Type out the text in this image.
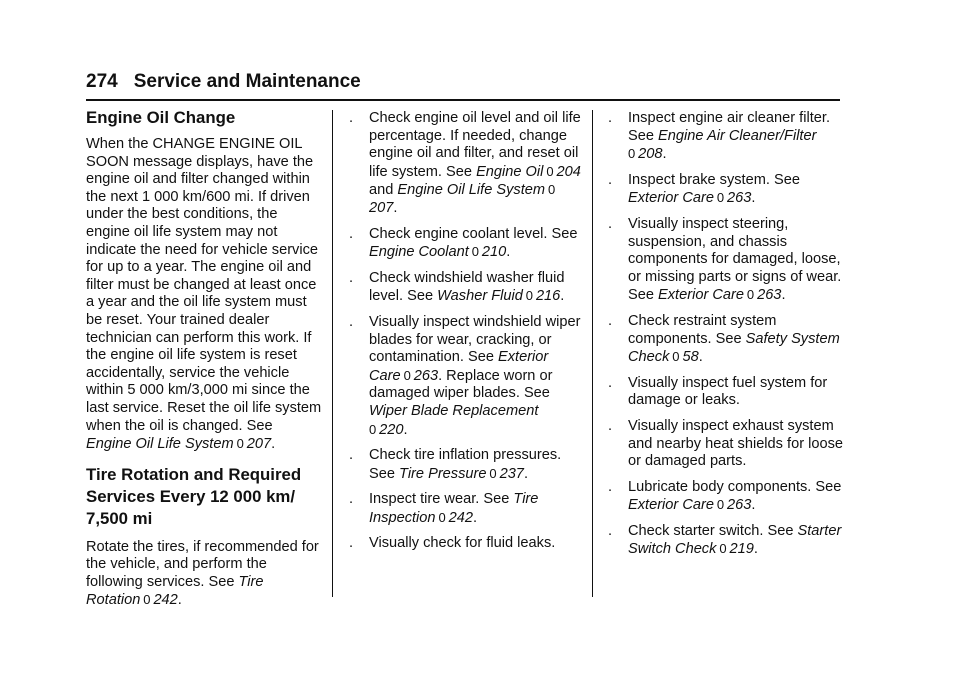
274 Service and Maintenance
Engine Oil Change

When the CHANGE ENGINE OIL SOON message displays, have the engine oil and filter changed within the next 1 000 km/600 mi. If driven under the best conditions, the engine oil life system may not indicate the need for vehicle service for up to a year. The engine oil and filter must be changed at least once a year and the oil life system must be reset. Your trained dealer technician can perform this work. If the engine oil life system is reset accidentally, service the vehicle within 5 000 km/3,000 mi since the last service. Reset the oil life system when the oil is changed. See Engine Oil Life System  0  207.

Tire Rotation and Required Services Every 12 000 km/ 7,500 mi

Rotate the tires, if recommended for the vehicle, and perform the following services. See Tire Rotation  0  242.

. Check engine oil level and oil life percentage. If needed, change engine oil and filter, and reset oil life system. See Engine Oil  0  204 and Engine Oil Life System  0 207.
. Check engine coolant level. See Engine Coolant  0  210.
. Check windshield washer fluid level. See Washer Fluid  0  216.
. Visually inspect windshield wiper blades for wear, cracking, or contamination. See Exterior Care  0  263. Replace worn or damaged wiper blades. See Wiper Blade Replacement
0  220.
. Check tire inflation pressures. See Tire Pressure  0  237.
. Inspect tire wear. See Tire Inspection  0  242.
. Visually check for fluid leaks.
. Inspect engine air cleaner filter. See Engine Air Cleaner/Filter
0  208.
. Inspect brake system. See Exterior Care  0  263.
. Visually inspect steering, suspension, and chassis components for damaged, loose, or missing parts or signs of wear. See Exterior Care  0  263.
. Check restraint system components. See Safety System Check  0  58.
. Visually inspect fuel system for damage or leaks.
. Visually inspect exhaust system and nearby heat shields for loose or damaged parts.
. Lubricate body components. See Exterior Care  0  263.
. Check starter switch. See Starter Switch Check  0  219.
